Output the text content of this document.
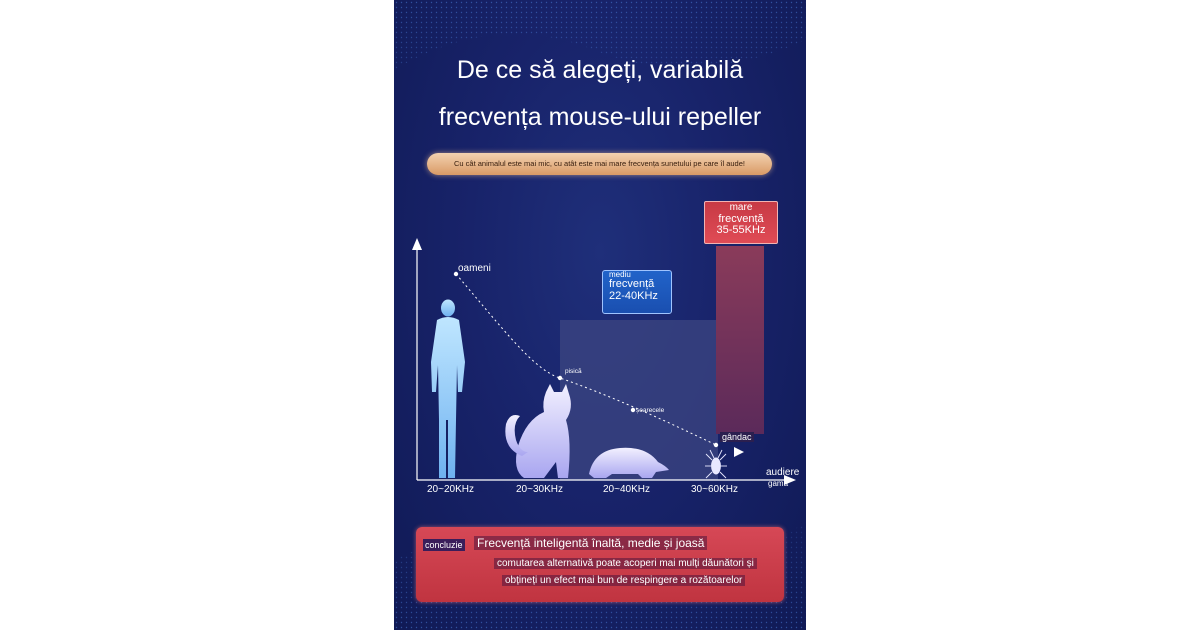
De ce să alegeți, variabilă
frecvența mouse-ului repeller
Cu cât animalul este mai mic, cu atât este mai mare frecvența sunetului pe care îl aude!
mare
frecvență
35-55KHz
mediu
frecvență
22-40KHz
oameni
pisică
șoarecele
gândac
20~20KHz	20~30KHz	20~40KHz	30~60KHz
audiere
gama
concluzie Frecvență inteligentă înaltă, medie și joasă
comutarea alternativă poate acoperi mai mulți dăunători și
obțineți un efect mai bun de respingere a rozătoarelor
